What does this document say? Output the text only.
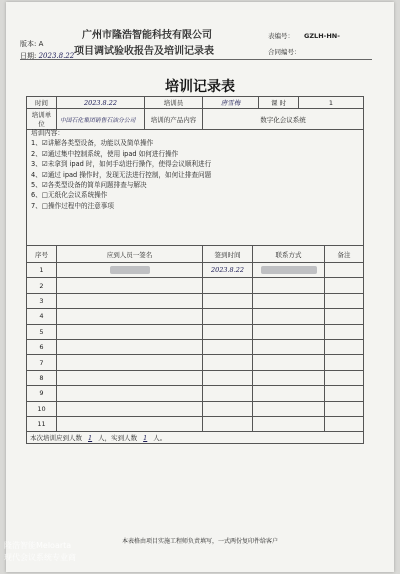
广州市隆浩智能科技有限公司
项目调试验收报告及培训记录表
版本: A
日期: 2023.8.22
表编号： GZLH-HN-
合同编号：
培训记录表
时间	2023.8.22	培训员	唐雪梅	课 时	1
培训单位	中国石化集团销售石油分公司	培训的产品内容	数字化会议系统		
培训内容：
1、☑讲解各类型设备，功能以及简单操作
2、☑通过集中控制系统，使用 ipad 如何进行操作
3、☑未拿到 ipad 时，如何手动进行操作，使得会议顺利进行
4、☑通过 ipad 操作时，发现无法进行控制，如何让排查问题
5、☑各类型设备的简单问题排查与解决
6、□无纸化会议系统操作
7、□操作过程中的注意事项
序号	应到人员一签名	签到时间	联系方式	备注
1		2023.8.22		
2				
3				
4				
5				
6				
7				
8				
9				
10				
11				
本次培训应到人数 1 人，实到人数 1 人。				
本表格由项目实施工程师负责填写，一式两份复印件给客户
隆浩智能Meloarta
现代会议系统专业商
